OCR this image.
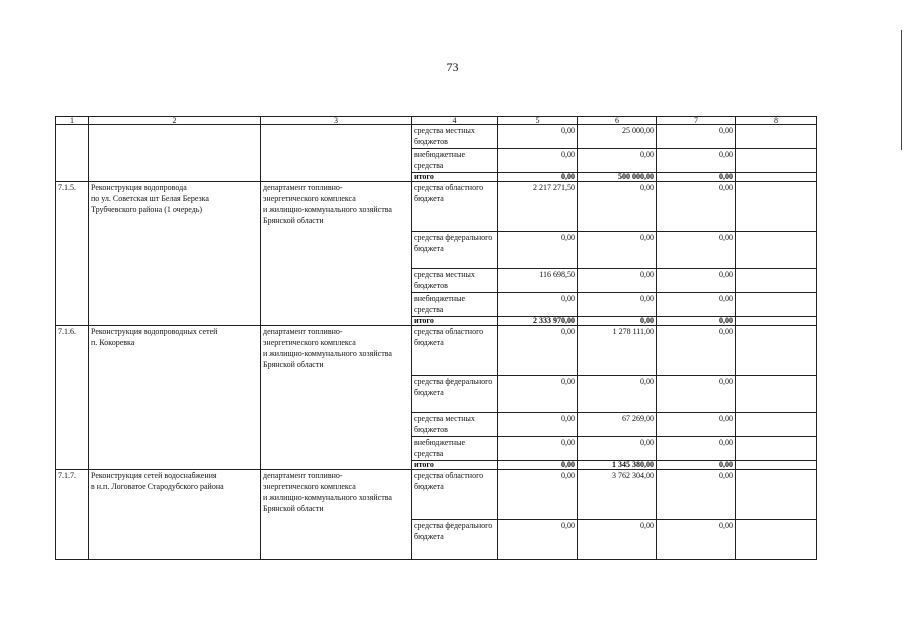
73
1	2	3	4	5	6	7	8
			средства местных бюджетов	0,00	25 000,00	0,00	
			внебюджетные средства	0,00	0,00	0,00	
			итого	0,00	500 000,00	0,00	
7.1.5.	Реконструкция водопровода
по ул. Советская шт Белая Березка
Трубчевского района (1 очередь)	департамент топливно-
энергетического комплекса
и жилищно-коммунального хозяйства
Брянской области	средства областного бюджета	2 217 271,50	0,00	0,00	
			средства федерального бюджета	0,00	0,00	0,00	
			средства местных бюджетов	116 698,50	0,00	0,00	
			внебюджетные средства	0,00	0,00	0,00	
			итого	2 333 970,00	0,00	0,00	
7.1.6.	Реконструкция водопроводных сетей
п. Кокоревка	департамент топливно-
энергетического комплекса
и жилищно-коммунального хозяйства
Брянской области	средства областного бюджета	0,00	1 278 111,00	0,00	
			средства федерального бюджета	0,00	0,00	0,00	
			средства местных бюджетов	0,00	67 269,00	0,00	
			внебюджетные средства	0,00	0,00	0,00	
			итого	0,00	1 345 380,00	0,00	
7.1.7.	Реконструкция сетей водоснабжения
в н.п. Логоватое Стародубского района	департамент топливно-
энергетического комплекса
и жилищно-коммунального хозяйства
Брянской области	средства областного бюджета	0,00	3 762 304,00	0,00	
			средства федерального бюджета	0,00	0,00	0,00	
